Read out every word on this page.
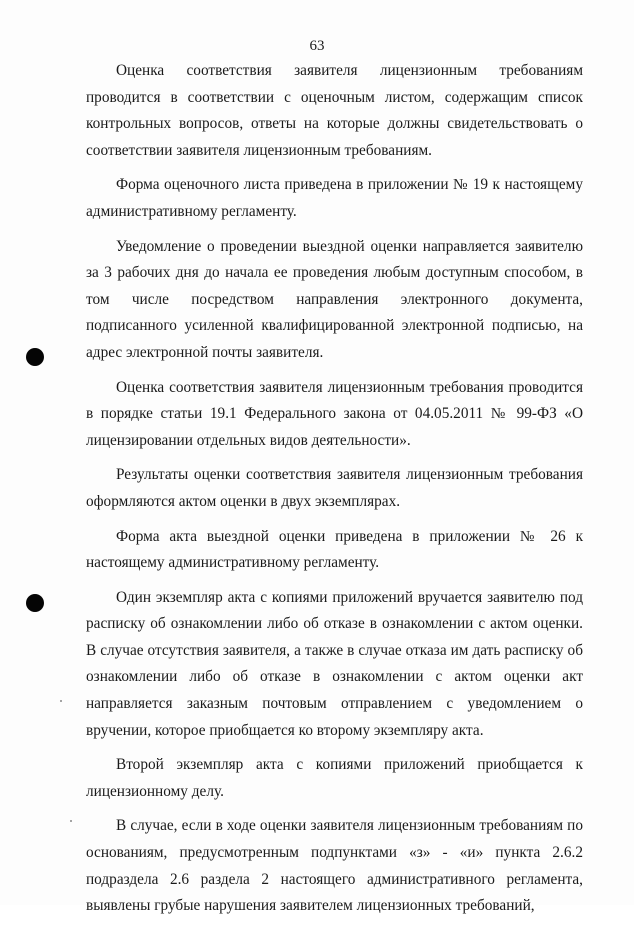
63

Оценка соответствия заявителя лицензионным требованиям проводится в соответствии с оценочным листом, содержащим список контрольных вопросов, ответы на которые должны свидетельствовать о соответствии заявителя лицензионным требованиям.

Форма оценочного листа приведена в приложении № 19 к настоящему административному регламенту.

Уведомление о проведении выездной оценки направляется заявителю за 3 рабочих дня до начала ее проведения любым доступным способом, в том числе посредством направления электронного документа, подписанного усиленной квалифицированной электронной подписью, на адрес электронной почты заявителя.

Оценка соответствия заявителя лицензионным требования проводится в порядке статьи 19.1 Федерального закона от 04.05.2011 № 99-ФЗ «О лицензировании отдельных видов деятельности».

Результаты оценки соответствия заявителя лицензионным требования оформляются актом оценки в двух экземплярах.

Форма акта выездной оценки приведена в приложении № 26 к настоящему административному регламенту.

Один экземпляр акта с копиями приложений вручается заявителю под расписку об ознакомлении либо об отказе в ознакомлении с актом оценки. В случае отсутствия заявителя, а также в случае отказа им дать расписку об ознакомлении либо об отказе в ознакомлении с актом оценки акт направляется заказным почтовым отправлением с уведомлением о вручении, которое приобщается ко второму экземпляру акта.

Второй экземпляр акта с копиями приложений приобщается к лицензионному делу.

В случае, если в ходе оценки заявителя лицензионным требованиям по основаниям, предусмотренным подпунктами «з» - «и» пункта 2.6.2 подраздела 2.6 раздела 2 настоящего административного регламента, выявлены грубые нарушения заявителем лицензионных требований,
